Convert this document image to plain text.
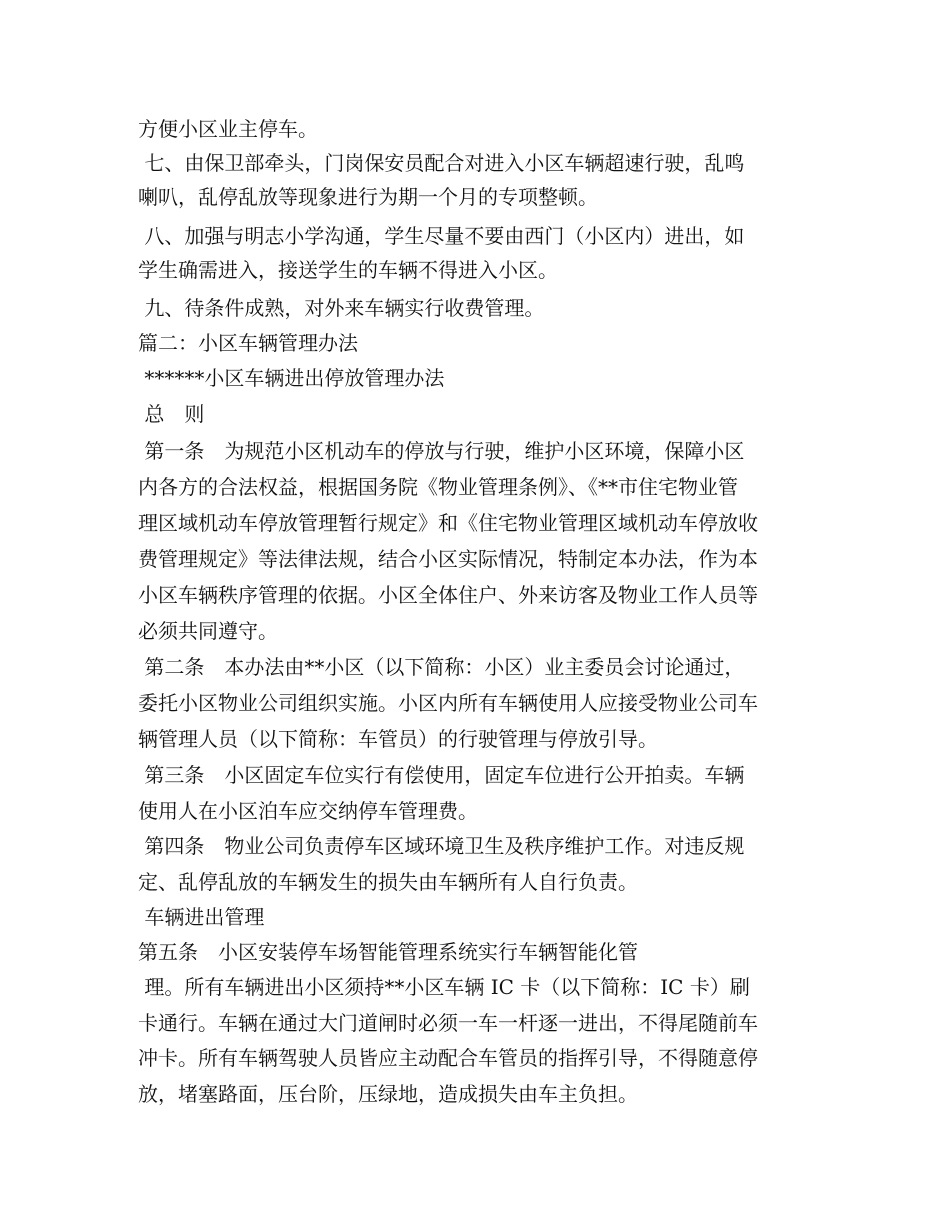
方便小区业主停车。
七、由保卫部牵头，门岗保安员配合对进入小区车辆超速行驶，乱鸣
喇叭，乱停乱放等现象进行为期一个月的专项整顿。
八、加强与明志小学沟通，学生尽量不要由西门（小区内）进出，如
学生确需进入，接送学生的车辆不得进入小区。
九、待条件成熟，对外来车辆实行收费管理。
篇二：小区车辆管理办法
******小区车辆进出停放管理办法
总　则
第一条　为规范小区机动车的停放与行驶，维护小区环境，保障小区
内各方的合法权益，根据国务院《物业管理条例》、《**市住宅物业管
理区域机动车停放管理暂行规定》和《住宅物业管理区域机动车停放收
费管理规定》等法律法规，结合小区实际情况，特制定本办法，作为本
小区车辆秩序管理的依据。小区全体住户、外来访客及物业工作人员等
必须共同遵守。
第二条　本办法由**小区（以下简称：小区）业主委员会讨论通过，
委托小区物业公司组织实施。小区内所有车辆使用人应接受物业公司车
辆管理人员（以下简称：车管员）的行驶管理与停放引导。
第三条　小区固定车位实行有偿使用，固定车位进行公开拍卖。车辆
使用人在小区泊车应交纳停车管理费。
第四条　物业公司负责停车区域环境卫生及秩序维护工作。对违反规
定、乱停乱放的车辆发生的损失由车辆所有人自行负责。
车辆进出管理
第五条　小区安装停车场智能管理系统实行车辆智能化管
理。所有车辆进出小区须持**小区车辆 IC 卡（以下简称：IC 卡）刷
卡通行。车辆在通过大门道闸时必须一车一杆逐一进出，不得尾随前车
冲卡。所有车辆驾驶人员皆应主动配合车管员的指挥引导，不得随意停
放，堵塞路面，压台阶，压绿地，造成损失由车主负担。
